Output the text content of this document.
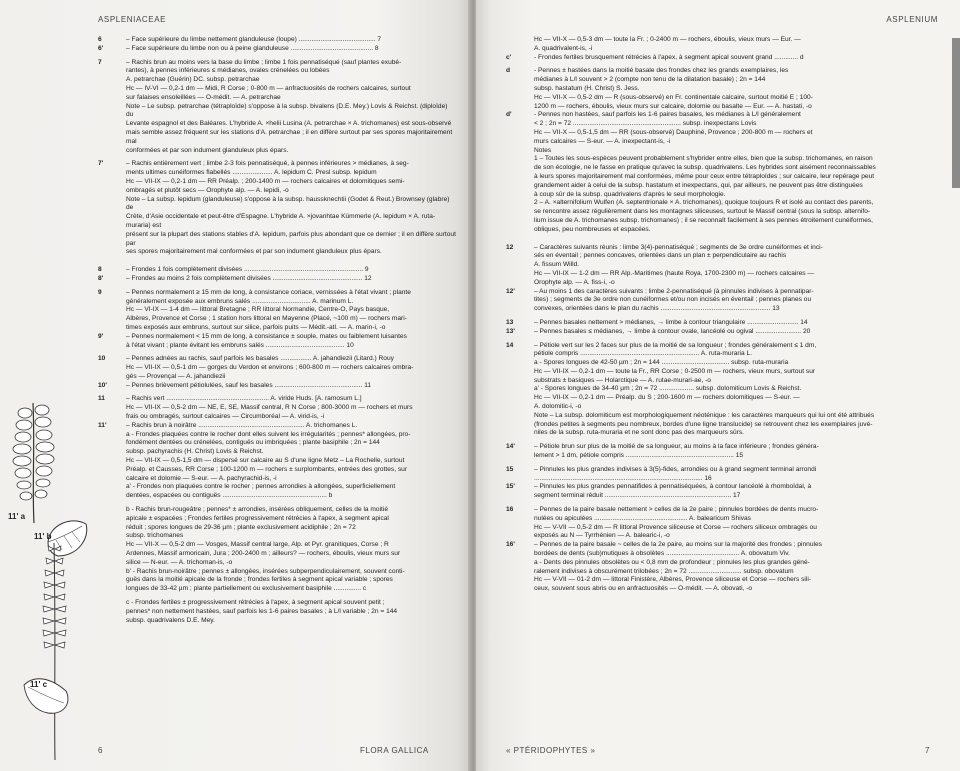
ASPLENIACEAE
6	– Face supérieure du limbe nettement glanduleuse (loupe) .......................................... 7
6'	– Face supérieure du limbe non ou à peine glanduleuse ............................................. 8
7	– Rachis brun au moins vers la base du limbe ; limbe 1 fois pennatiséqué (sauf plantes exubé-
rantes), à pennes inférieures ≤ médianes, ovales crénelées ou lobées
A. petrarchae (Guérin) DC. subsp. petrarchae
Hc — IV-VI — 0,2-1 dm — Midi, R Corse ; 0-800 m — anfractuosités de rochers calcaires, surtout
sur falaises ensoleillées — O-médit. — A. petrarchae
Note – Le subsp. petrarchae (tétraploïde) s'oppose à la subsp. bivalens (D.E. Mey.) Lovis & Reichst. (diploïde) du
Levante espagnol et des Baléares. L'hybride A. ×helii Lusina (A. petrarchae × A. trichomanes) est sous-observé
mais semble assez fréquent sur les stations d'A. petrarchae ; il en diffère surtout par ses spores majoritairement mal
conformées et par son indument glanduleux plus épars.
7'	– Rachis entièrement vert ; limbe 2-3 fois pennatiséqué, à pennes inférieures > médianes, à seg-
ments ultimes cunéiformes flabellés ...................... A. lepidum C. Presl subsp. lepidum
Hc — VII-IX — 0,2-1 dm — RR Préalp. ; 200-1400 m — rochers calcaires et dolomitiques semi-
ombragés et plutôt secs — Orophyte alp. — A. lepidi, -o
Note – La subsp. lepidum (glanduleuse) s'oppose à la subsp. haussknechtii (Godet & Reut.) Brownsey (glabre) de
Crète, d'Asie occidentale et peut-être d'Espagne. L'hybride A. ×jovanhtae Kümmerle (A. lepidum × A. ruta-muraria) est
présent sur la plupart des stations stables d'A. lepidum, parfois plus abondant que ce dernier ; il en diffère surtout par
ses spores majoritairement mal conformées et par son indument glanduleux plus épars.
8	– Frondes 1 fois complètement divisées ................................................................. 9
8'	– Frondes au moins 2 fois complètement divisées ................................................. 12
9	– Pennes normalement ≥ 15 mm de long, à consistance coriace, vernissées à l'état vivant ; plante
généralement exposée aux embruns salés ................................ A. marinum L.
Hc — VI-IX — 1-4 dm — littoral Bretagne ; RR littoral Normandie, Centre-O, Pays basque,
Albères, Provence et Corse ; 1 station hors littoral en Mayenne (Placé, ~100 m) — rochers mari-
times exposés aux embruns, surtout sur silice, parfois puits — Médit.-atl. — A. marin-i, -o
9'	– Pennes normalement < 15 mm de long, à consistance ± souple, mates ou faiblement luisantes
à l'état vivant ; plante évitant les embruns salés ........................................... 10
10	– Pennes adnées au rachis, sauf parfois les basales ................. A. jahandiezii (Litard.) Rouy
Hc — VII-IX — 0,5-1 dm — gorges du Verdon et environs ; 600-800 m — rochers calcaires ombra-
gés — Provençal — A. jahandiezii
10'	– Pennes brièvement pétiolulées, sauf les basales ................................................ 11
11	– Rachis vert ........................................................ A. viride Huds. [A. ramosum L.]
Hc — VII-IX — 0,5-2 dm — NE, E, SE, Massif central, R N Corse ; 800-3000 m — rochers et murs
frais ou ombragés, surtout calcaires — Circumboréal — A. virid-is, -i
11'	– Rachis brun à noirâtre .......................................................... A. trichomanes L.
a - Frondes plaquées contre le rocher dont elles suivent les irrégularités ; pennes* allongées, pro-
fondément dentées ou crénelées, contiguës ou imbriquées ; plante basiphile ; 2n = 144
subsp. pachyrachis (H. Christ) Lovis & Reichst.
Hc — VII-IX — 0,5-1,5 dm — dispersé sur calcaire au S d'une ligne Metz – La Rochelle, surtout
Préalp. et Causses, RR Corse ; 100-1200 m — rochers ± surplombants, entrées des grottes, sur
calcaire et dolomie — S-eur. — A. pachyrachid-is, -i
a' - Frondes non plaquées contre le rocher ; pennes arrondies à allongées, superficiellement
dentées, espacées ou contiguës ......................................................... b
b - Rachis brun-rougeâtre ; pennes* ± arrondies, insérées obliquement, celles de la moitié
apicale ± espacées ; Frondes fertiles progressivement rétrécies à l'apex, à segment apical
réduit ; spores longues de 29-36 µm ; plante exclusivement acidiphile ; 2n = 72
subsp. trichomanes
Hc — VII-X — 0,5-2 dm — Vosges, Massif central large, Alp. et Pyr. granitiques, Corse ; R
Ardennes, Massif armoricain, Jura ; 200-2400 m ; ailleurs? — rochers, éboulis, vieux murs sur
silice — N-eur. — A. trichoman-is, -o
b' - Rachis brun-noirâtre ; pennes ± allongées, insérées subperpendiculairement, souvent conti-
guës dans la moitié apicale de la fronde ; frondes fertiles à segment apical variable ; spores
longues de 33-42 µm ; plante partiellement ou exclusivement basiphile ............... c
c - Frondes fertiles ± progressivement rétrécies à l'apex, à segment apical souvent petit ;
pennes* non nettement hastées, sauf parfois les 1-6 paires basales ; à L/l variable ; 2n = 144
subsp. quadrivalens D.E. Mey.
11' a
11' b
11' c
6	FLORA GALLICA
ASPLENIUM
Hc — VII-X — 0,5-3 dm — toute la Fr. ; 0-2400 m — rochers, éboulis, vieux murs — Eur. —
A. quadrivalent-is, -i
c'	- Frondes fertiles brusquement rétrécies à l'apex, à segment apical souvent grand ............. d
d	- Pennes ± hastées dans la moitié basale des frondes chez les grands exemplaires, les
médianes à L/l souvent > 2 (compte non tenu de la dilatation basale) ; 2n = 144
subsp. hastatum (H. Christ) S. Jess.
Hc — VII-X — 0,5-2 dm — R (sous-observé) en Fr. continentale calcaire, surtout moitié E ; 100-
1200 m — rochers, éboulis, vieux murs sur calcaire, dolomie ou basalte — Eur. — A. hastati, -o
d'	- Pennes non hastées, sauf parfois les 1-6 paires basales, les médianes à L/l généralement
< 2 ; 2n = 72 ........................................................... subsp. inexpectans Lovis
Hc — VII-X — 0,5-1,5 dm — RR (sous-observé) Dauphiné, Provence ; 200-800 m — rochers et
murs calcaires — S-eur. — A. inexpectant-is, -i
Notes
1 – Toutes les sous-espèces peuvent probablement s'hybrider entre elles, bien que la subsp. trichomanes, en raison
de son écologie, ne le fasse en pratique qu'avec la subsp. quadrivalens. Les hybrides sont aisément reconnaissables
à leurs spores majoritairement mal conformées, même pour ceux entre tétraploïdes ; sur calcaire, leur repérage peut
grandement aider à celui de la subsp. hastatum et inexpectans, qui, par ailleurs, ne peuvent pas être distinguées
à coup sûr de la subsp. quadrivalens d'après le seul morphologie.
2 – A. ×alternifolium Wulfen (A. septentrionale × A. trichomanes), quoique toujours R et isolé au contact des parents,
se rencontre assez régulièrement dans les montagnes siliceuses, surtout le Massif central (sous la subsp. alternifo-
lium issue de A. trichomanes subsp. trichomanes) ; il se reconnaît facilement à ses pennes étroitement cunéiformes,
obliques, peu nombreuses et espacées.
12	– Caractères suivants réunis : limbe 3(4)-pennatiséqué ; segments de 3e ordre cunéiformes et inci-
sés en éventail ; pennes concaves, orientées dans un plan ± perpendiculaire au rachis
A. fissum Willd.
Hc — VII-IX — 1-2 dm — RR Alp.-Maritimes (haute Roya, 1700-2300 m) — rochers calcaires —
Orophyte alp. — A. fiss-i, -o
12'	– Au moins 1 des caractères suivants : limbe 2-pennatiséqué (à pinnules indivises à pennatipar-
tites) ; segments de 3e ordre non cunéiformes et/ou non incisés en éventail ; pennes planes ou
convexes, orientées dans le plan du rachis ............................................................ 13
13	– Pennes basales nettement > médianes, → limbe à contour triangulaire ............................ 14
13'	– Pennes basales ≤ médianes, → limbe à contour ovale, lancéolé ou ogival ......................... 20
14	– Pétiole vert sur les 2 faces sur plus de la moitié de sa longueur ; frondes généralement ≤ 1 dm,
pétiole compris ................................................................. A. ruta-muraria L.
a - Spores longues de 42-50 µm ; 2n = 144 ..................................... subsp. ruta-muraria
Hc — VII-IX — 0,2-1 dm — toute la Fr., RR Corse ; 0-2500 m — rochers, vieux murs, surtout sur
substrats ± basiques — Holarctique — A. rutae-murari-ae, -o
a' - Spores longues de 34-40 µm ; 2n = 72 ................... subsp. dolomiticum Lovis & Reichst.
Hc — VII-IX — 0,2-1 dm — Préalp. du S ; 200-1600 m — rochers dolomitiques — S-eur. —
A. dolomitic-i, -o
Note – La subsp. dolomiticum est morphologiquement néoténique : les caractères marqueurs qui lui ont été attribués
(frondes petites à segments peu nombreux, bordes d'une ligne translucide) se retrouvent chez les exemplaires juvé-
niles de la subsp. ruta-muraria et ne sont donc pas des marqueurs sûrs.
14'	– Pétiole brun sur plus de la moitié de sa longueur, au moins à la face inférieure ; frondes généra-
lement > 1 dm, pétiole compris ........................................................... 15
15	– Pinnules les plus grandes indivises à 3(5)-fides, arrondies ou à grand segment terminal arrondi
............................................................................................ 16
15'	– Pinnules les plus grandes pennatifides à pennatiséquées, à contour lancéolé à rhomboïdal, à
segment terminal réduit ..................................................................... 17
16	– Pennes de la paire basale nettement > celles de la 2e paire ; pinnules bordées de dents mucro-
nulées ou apiculées ................................................... A. balearicum Shivas
Hc — V-VII — 0,5-2 dm — R littoral Provence siliceuse et Corse — rochers siliceux ombragés ou
exposés au N — Tyrrhénien — A. balearic-i, -o
16'	– Pennes de la paire basale ~ celles de la 2e paire, au moins sur la majorité des frondes ; pinnules
bordées de dents (sub)mutiques à obsolètes ........................................ A. obovatum Viv.
a - Dents des pinnules obsolètes ou < 0,8 mm de profondeur ; pinnules les plus grandes géné-
ralement indivises à obscurément trilobées ; 2n = 72 ............................. subsp. obovatum
Hc — V-VII — 01-2 dm — littoral Finistère, Albères, Provence siliceuse et Corse — rochers sili-
ceux, souvent sous abris ou en anfractuosités — O-médit. — A. obovati, -o
« PTÉRIDOPHYTES »	7
